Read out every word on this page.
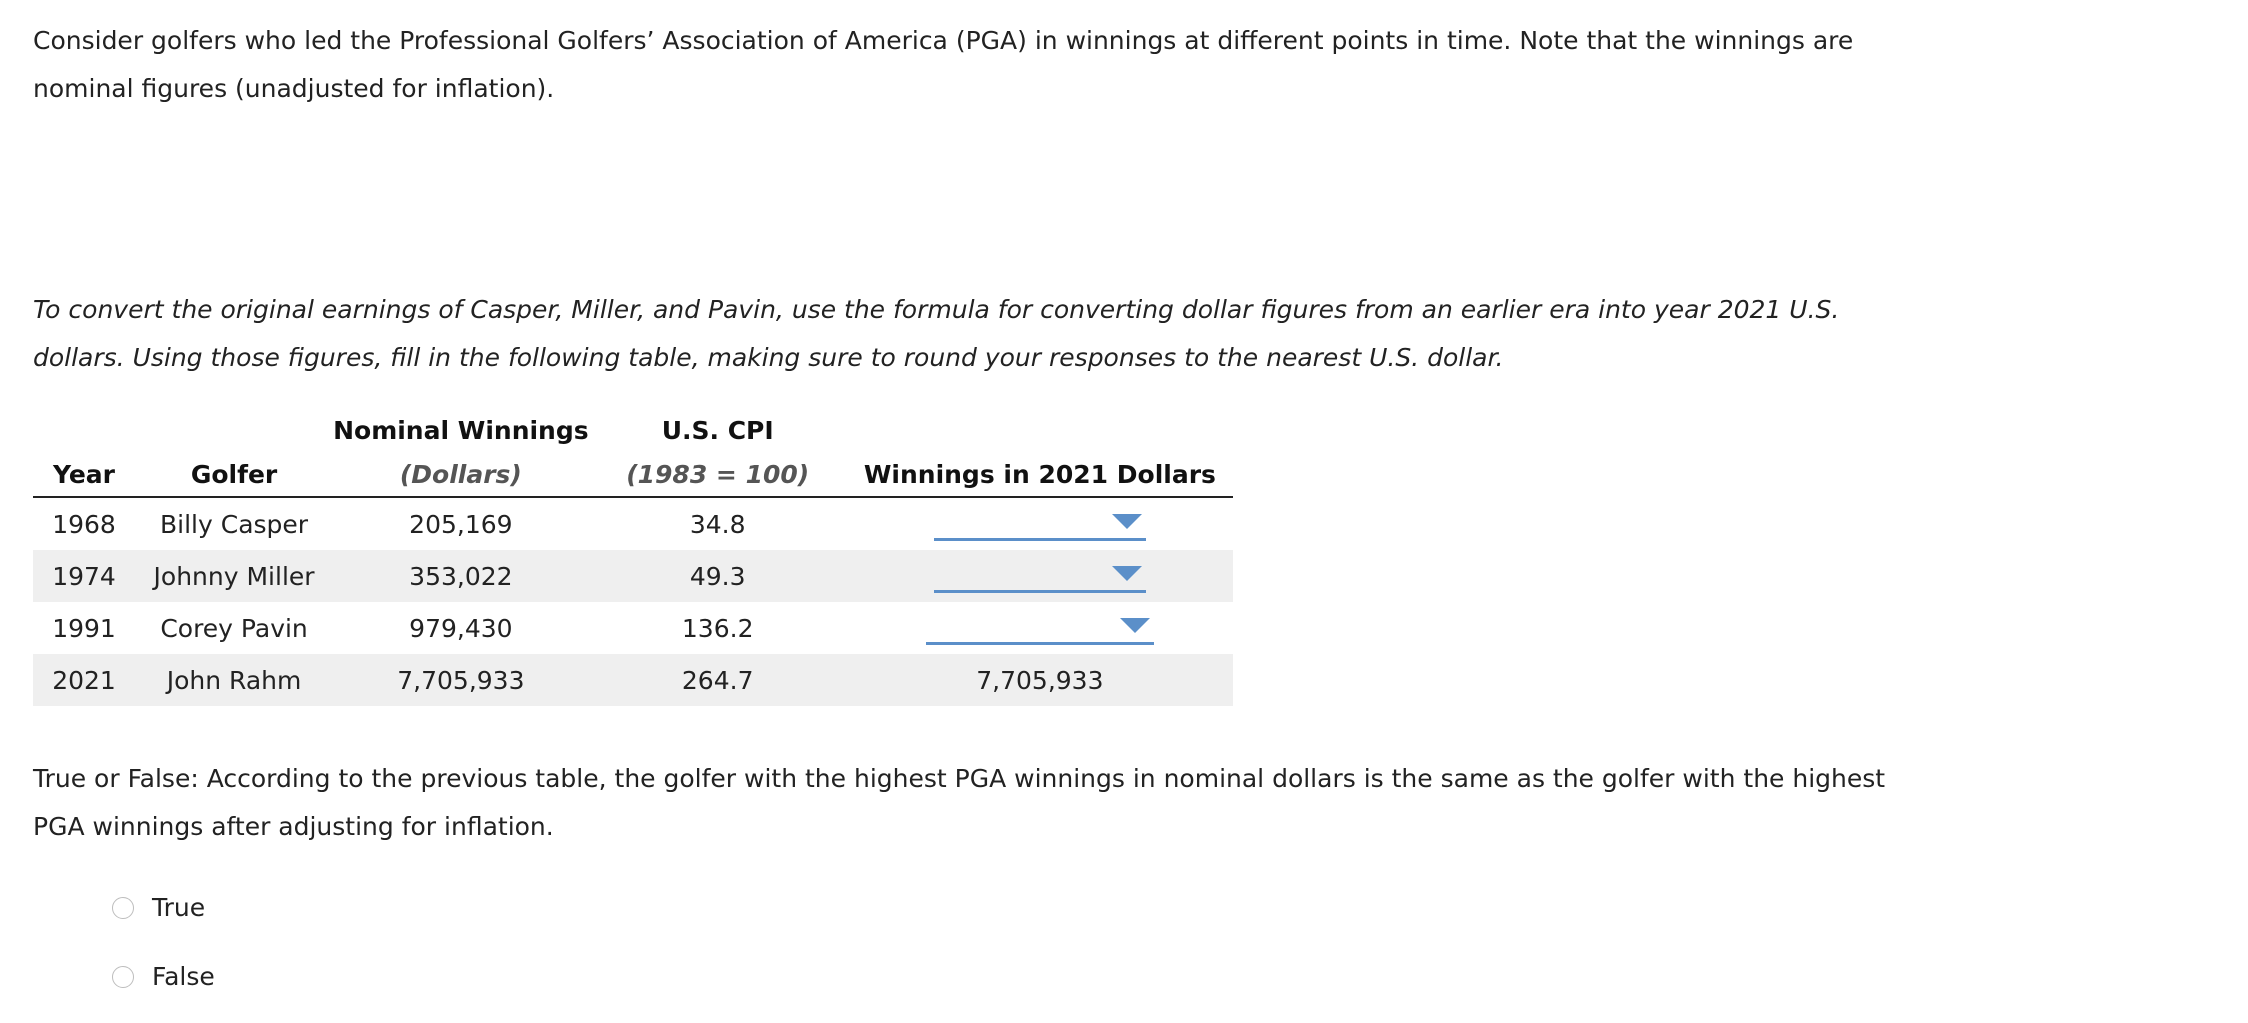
Consider golfers who led the Professional Golfers’ Association of America (PGA) in winnings at different points in time. Note that the winnings are nominal figures (unadjusted for inflation).

To convert the original earnings of Casper, Miller, and Pavin, use the formula for converting dollar figures from an earlier era into year 2021 U.S. dollars. Using those figures, fill in the following table, making sure to round your responses to the nearest U.S. dollar.

		Nominal Winnings	U.S. CPI	
Year	Golfer	(Dollars)	(1983 = 100)	Winnings in 2021 Dollars
1968	Billy Casper	205,169	34.8	

1974	Johnny Miller	353,022	49.3	

1991	Corey Pavin	979,430	136.2	

2021	John Rahm	7,705,933	264.7	7,705,933

True or False: According to the previous table, the golfer with the highest PGA winnings in nominal dollars is the same as the golfer with the highest PGA winnings after adjusting for inflation.

True
False
